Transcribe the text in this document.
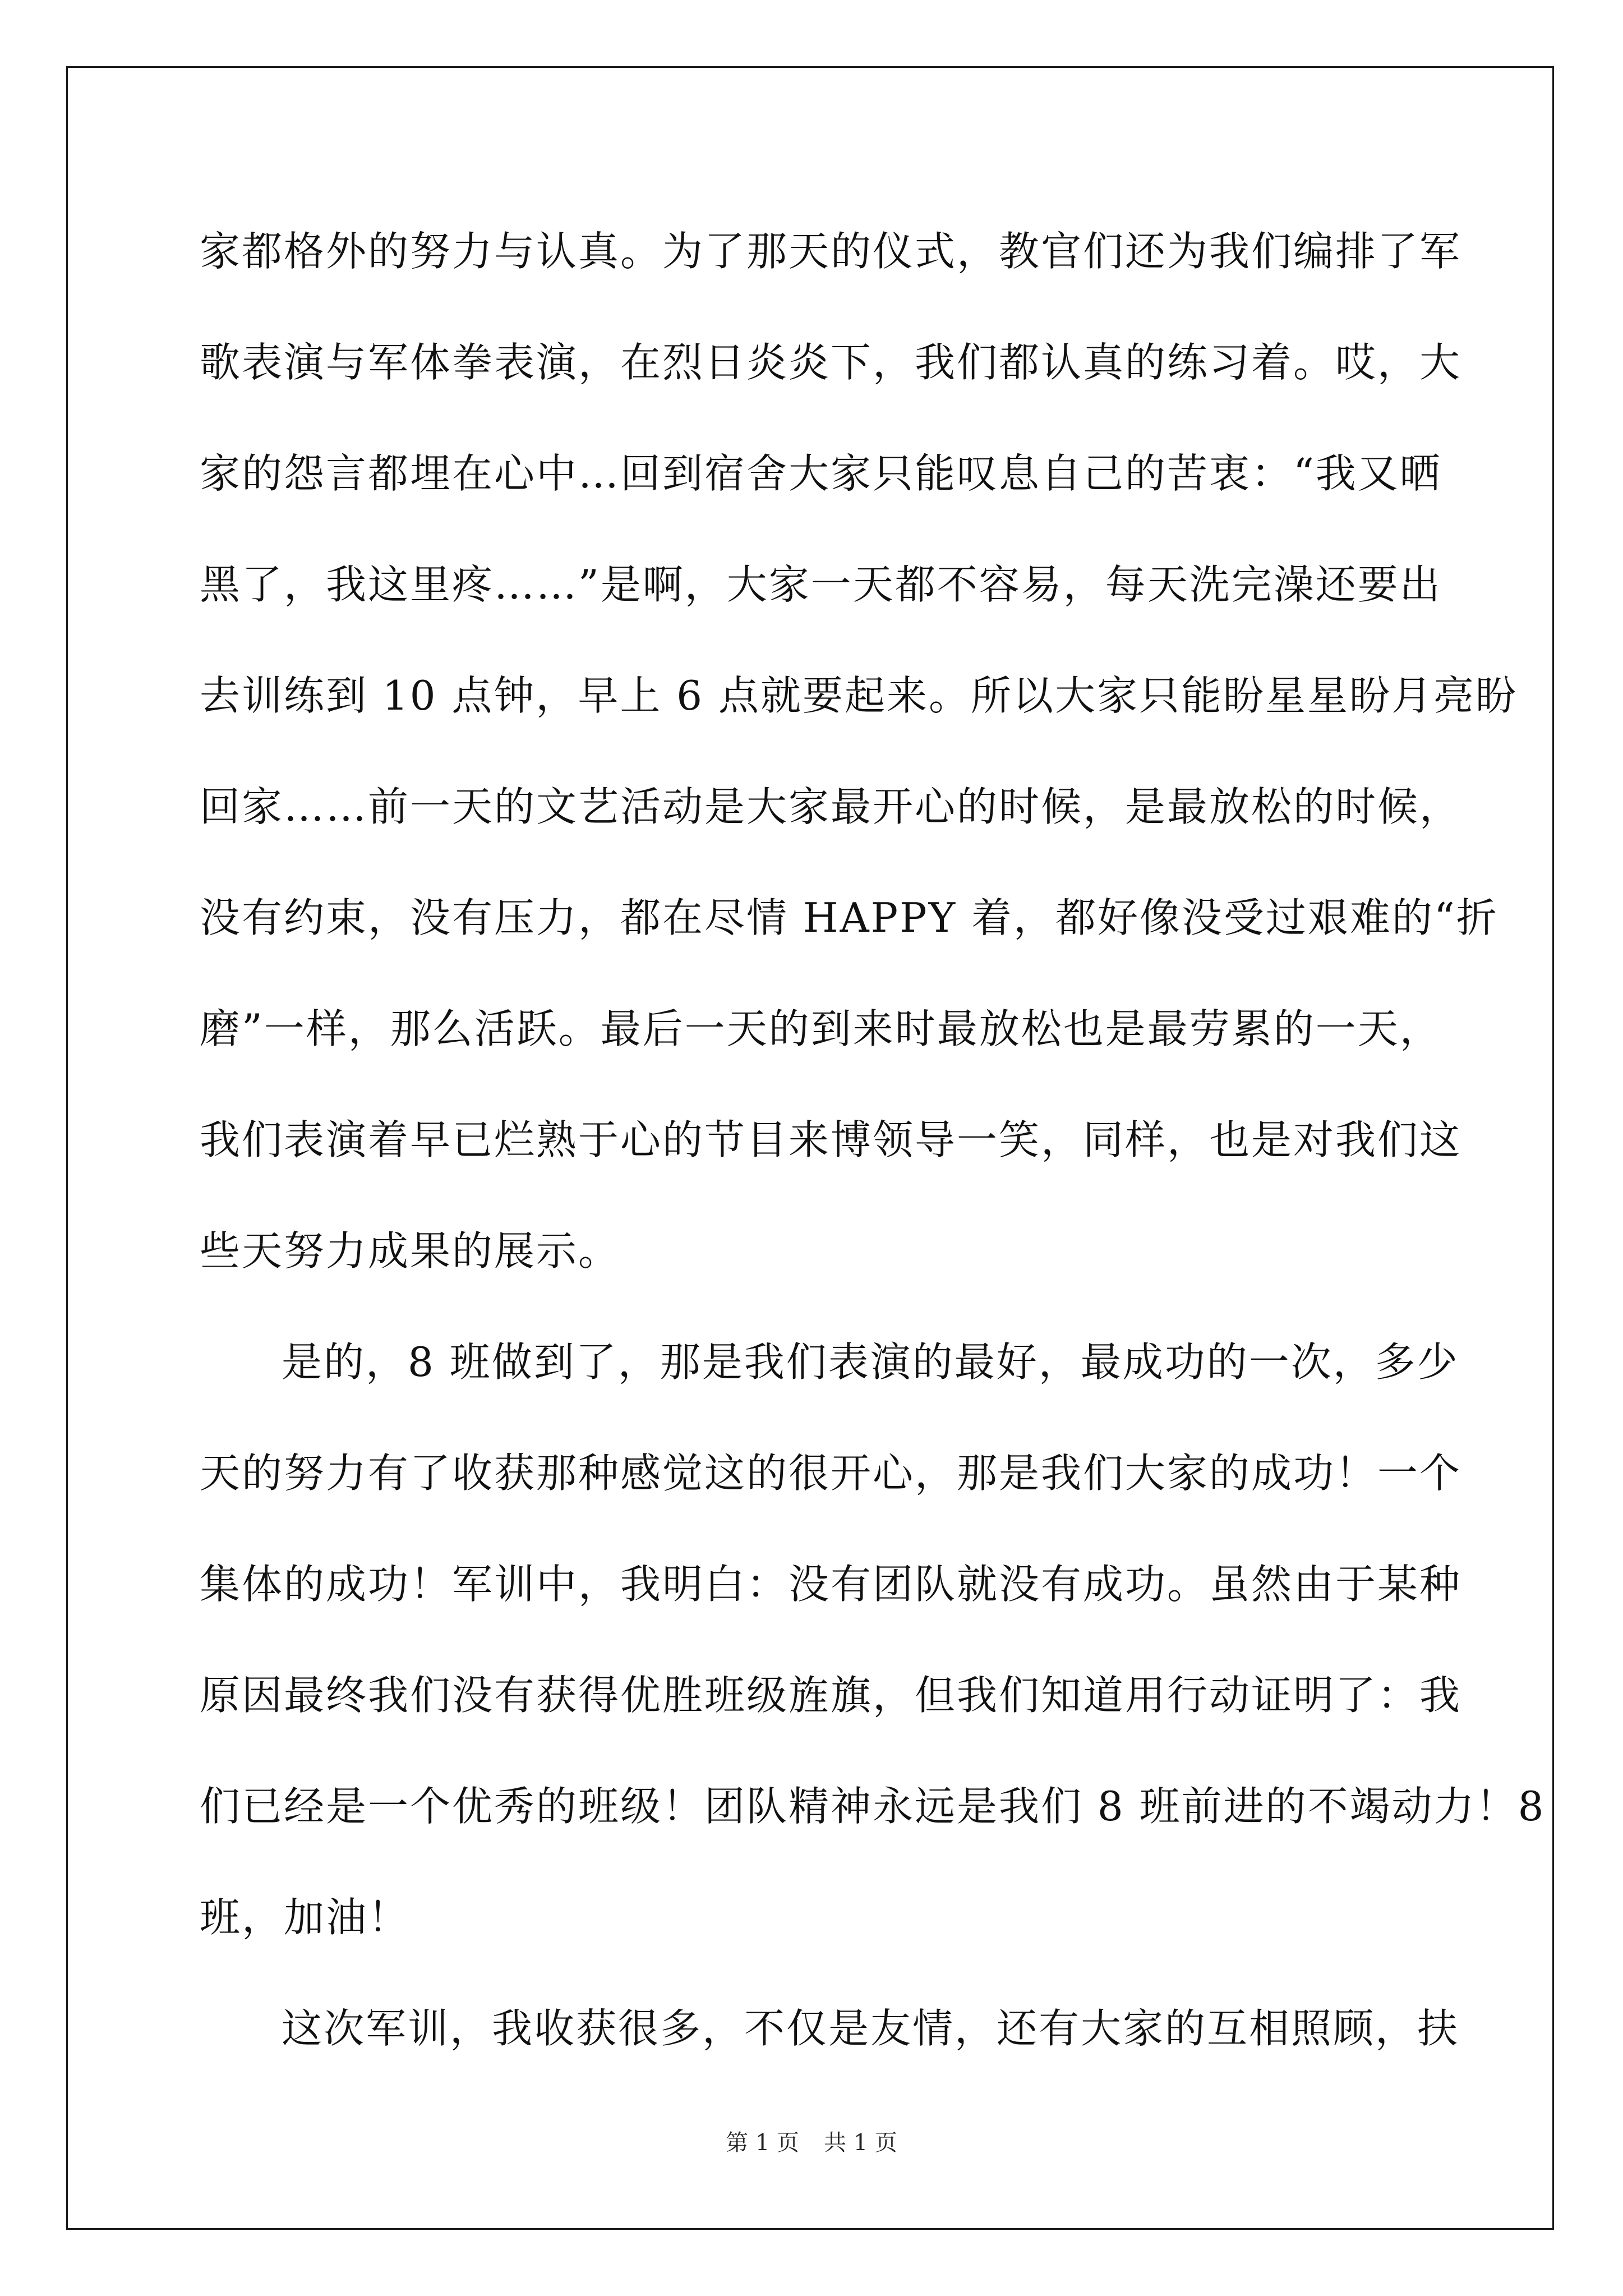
家都格外的努力与认真。为了那天的仪式，教官们还为我们编排了军
歌表演与军体拳表演，在烈日炎炎下，我们都认真的练习着。哎，大
家的怨言都埋在心中…回到宿舍大家只能叹息自己的苦衷：“我又晒
黑了，我这里疼……”是啊，大家一天都不容易，每天洗完澡还要出
去训练到 10 点钟，早上 6 点就要起来。所以大家只能盼星星盼月亮盼
回家……前一天的文艺活动是大家最开心的时候，是最放松的时候，
没有约束，没有压力，都在尽情 HAPPY 着，都好像没受过艰难的“折
磨”一样，那么活跃。最后一天的到来时最放松也是最劳累的一天，
我们表演着早已烂熟于心的节目来博领导一笑，同样，也是对我们这
些天努力成果的展示。
是的，8 班做到了，那是我们表演的最好，最成功的一次，多少
天的努力有了收获那种感觉这的很开心，那是我们大家的成功！一个
集体的成功！军训中，我明白：没有团队就没有成功。虽然由于某种
原因最终我们没有获得优胜班级旌旗，但我们知道用行动证明了：我
们已经是一个优秀的班级！团队精神永远是我们 8 班前进的不竭动力！8
班，加油！
这次军训，我收获很多，不仅是友情，还有大家的互相照顾，扶
第 1 页 共 1 页
